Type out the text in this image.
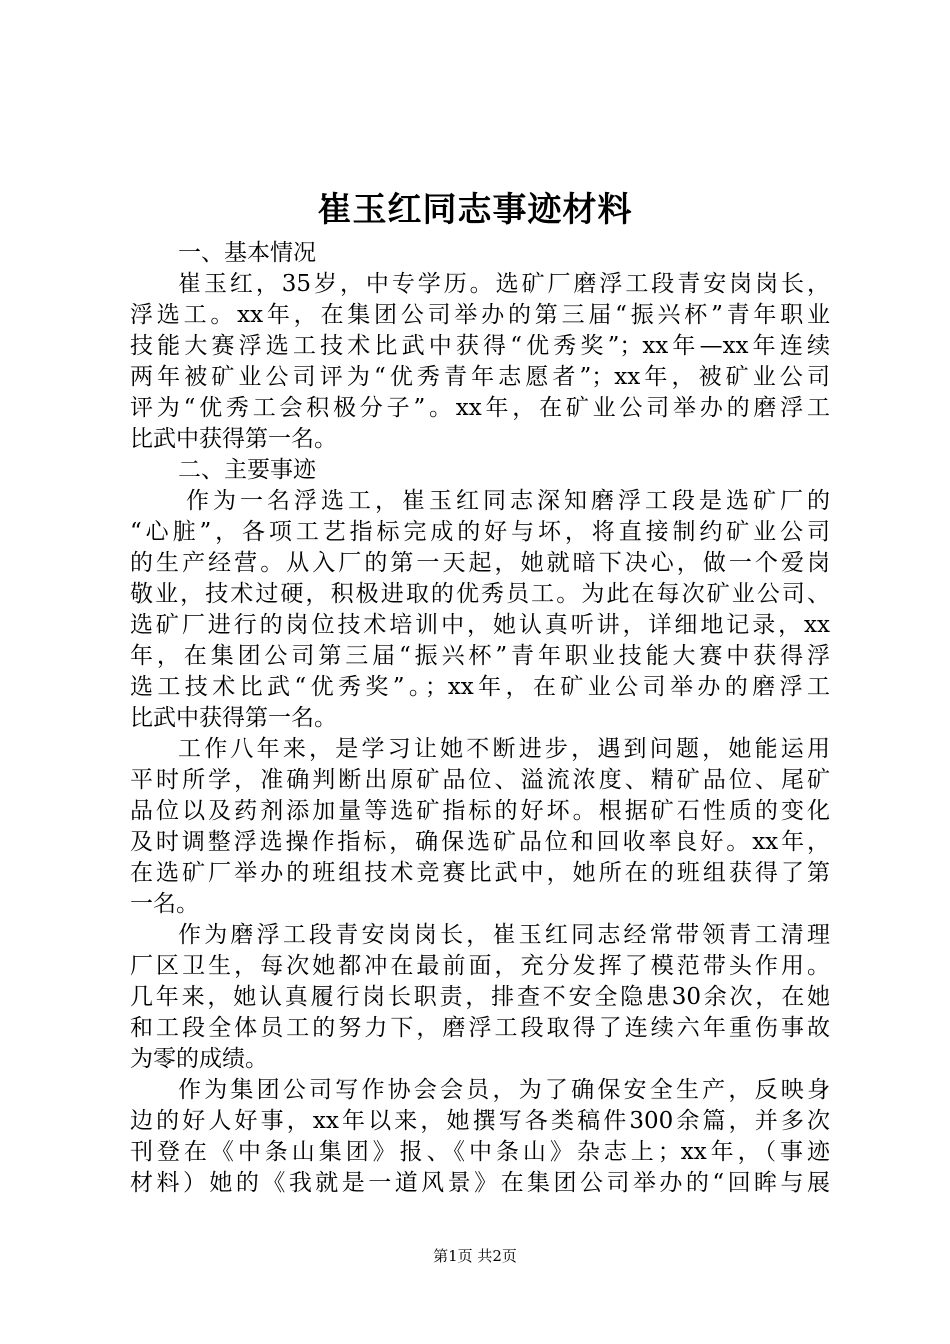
崔玉红同志事迹材料
一、基本情况
崔玉红，35岁，中专学历。选矿厂磨浮工段青安岗岗长，
浮选工。xx年，在集团公司举办的第三届“振兴杯”青年职业
技能大赛浮选工技术比武中获得“优秀奖”；xx年—xx年连续
两年被矿业公司评为“优秀青年志愿者”；xx年，被矿业公司
评为“优秀工会积极分子”。xx年，在矿业公司举办的磨浮工
比武中获得第一名。
二、主要事迹
作为一名浮选工，崔玉红同志深知磨浮工段是选矿厂的
“心脏”，各项工艺指标完成的好与坏，将直接制约矿业公司
的生产经营。从入厂的第一天起，她就暗下决心，做一个爱岗
敬业，技术过硬，积极进取的优秀员工。为此在每次矿业公司、
选矿厂进行的岗位技术培训中，她认真听讲，详细地记录，xx
年，在集团公司第三届“振兴杯”青年职业技能大赛中获得浮
选工技术比武“优秀奖”。；xx年，在矿业公司举办的磨浮工
比武中获得第一名。
工作八年来，是学习让她不断进步，遇到问题，她能运用
平时所学，准确判断出原矿品位、溢流浓度、精矿品位、尾矿
品位以及药剂添加量等选矿指标的好坏。根据矿石性质的变化
及时调整浮选操作指标，确保选矿品位和回收率良好。xx年，
在选矿厂举办的班组技术竞赛比武中，她所在的班组获得了第
一名。
作为磨浮工段青安岗岗长，崔玉红同志经常带领青工清理
厂区卫生，每次她都冲在最前面，充分发挥了模范带头作用。
几年来，她认真履行岗长职责，排查不安全隐患30余次，在她
和工段全体员工的努力下，磨浮工段取得了连续六年重伤事故
为零的成绩。
作为集团公司写作协会会员，为了确保安全生产，反映身
边的好人好事，xx年以来，她撰写各类稿件300余篇，并多次
刊登在《中条山集团》报、《中条山》杂志上；xx年，（事迹
材料）她的《我就是一道风景》在集团公司举办的“回眸与展
第1页 共2页
